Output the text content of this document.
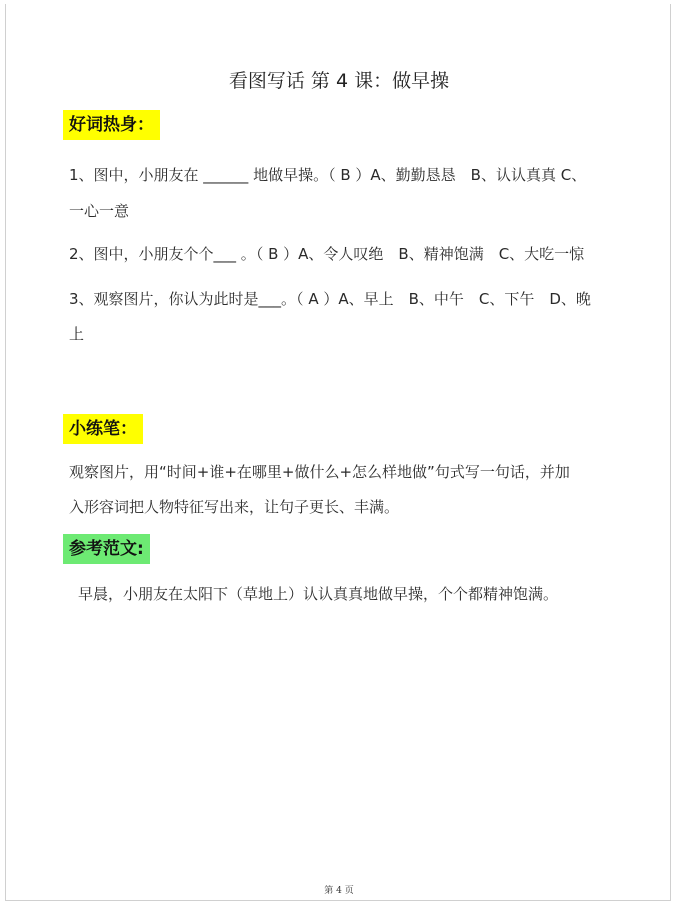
看图写话 第 4 课：做早操
好词热身：
1、图中，小朋友在 ______ 地做早操。（ B ）A、勤勤恳恳　B、认认真真 C、
一心一意
2、图中，小朋友个个___ 。（ B ）A、令人叹绝　B、精神饱满　C、大吃一惊
3、观察图片，你认为此时是___。（ A ）A、早上　B、中午　C、下午　D、晚
上
小练笔：
观察图片，用“时间+谁+在哪里+做什么+怎么样地做”句式写一句话，并加
入形容词把人物特征写出来，让句子更长、丰满。
参考范文:
早晨，小朋友在太阳下（草地上）认认真真地做早操，个个都精神饱满。
第 4 页
